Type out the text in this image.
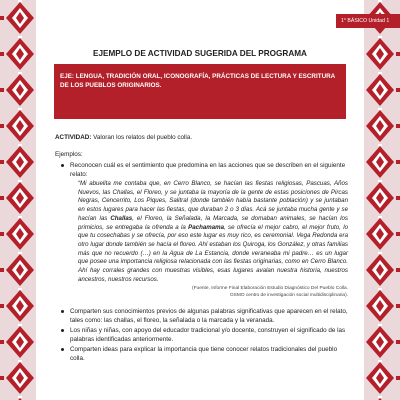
1° BÁSICO Unidad 1
EJEMPLO DE ACTIVIDAD SUGERIDA DEL PROGRAMA
EJE: LENGUA, TRADICIÓN ORAL, ICONOGRAFÍA, PRÁCTICAS DE LECTURA Y ESCRITURA DE LOS PUEBLOS ORIGINARIOS.

ACTIVIDAD: Valoran los relatos del pueblo colla.

Ejemplos:

Reconocen cuál es el sentimiento que predomina en las acciones que se describen en el siguiente relato:
“Mi abuelita me contaba que, en Cerro Blanco, se hacían las fiestas religiosas, Pascuas, Años Nuevos, las Challas, el Floreo, y se juntaba la mayoría de la gente de estas posiciones de Pircas Negras, Cencerrito, Los Piques, Salitral (donde también había bastante población) y se juntaban en estos lugares para hacer las fiestas, que duraban 2 o 3 días. Acá se juntaba mucha gente y se hacían las Challas, el Floreo, la Señalada, la Marcada, se domaban animales, se hacían los primicios, se entregaba la ofrenda a la Pachamama, se ofrecía el mejor cabro, el mejor fruto, lo que tu cosechabas y se ofrecía, por eso este lugar es muy rico, es ceremonial. Vega Redonda era otro lugar donde también se hacía el floreo. Ahí estaban los Quiroga, los González, y otras familias más que no recuerdo (…) en la Agua de La Estancia, donde veraneaba mi padre… es un lugar que posee una importancia religiosa relacionada con las fiestas originarias, como en Cerro Blanco. Ahí hay corrales grandes con muestras visibles, esas lugares avalan nuestra historia, nuestros ancestros, nuestros recursos.
(Fuente, Informe Final Elaboración Estudio Diagnóstico Del Pueblo Colla.
OSMO centro de investigación social multidisciplinaria).
Comparten sus conocimientos previos de algunas palabras significativas que aparecen en el relato, tales como: las challas, el floreo, la señalada o la marcada y la veranada.
Los niñas y niñas, con apoyo del educador tradicional y/o docente, construyen el significado de las palabras identificadas anteriormente.
Comparten ideas para explicar la importancia que tiene conocer relatos tradicionales del pueblo colla.
